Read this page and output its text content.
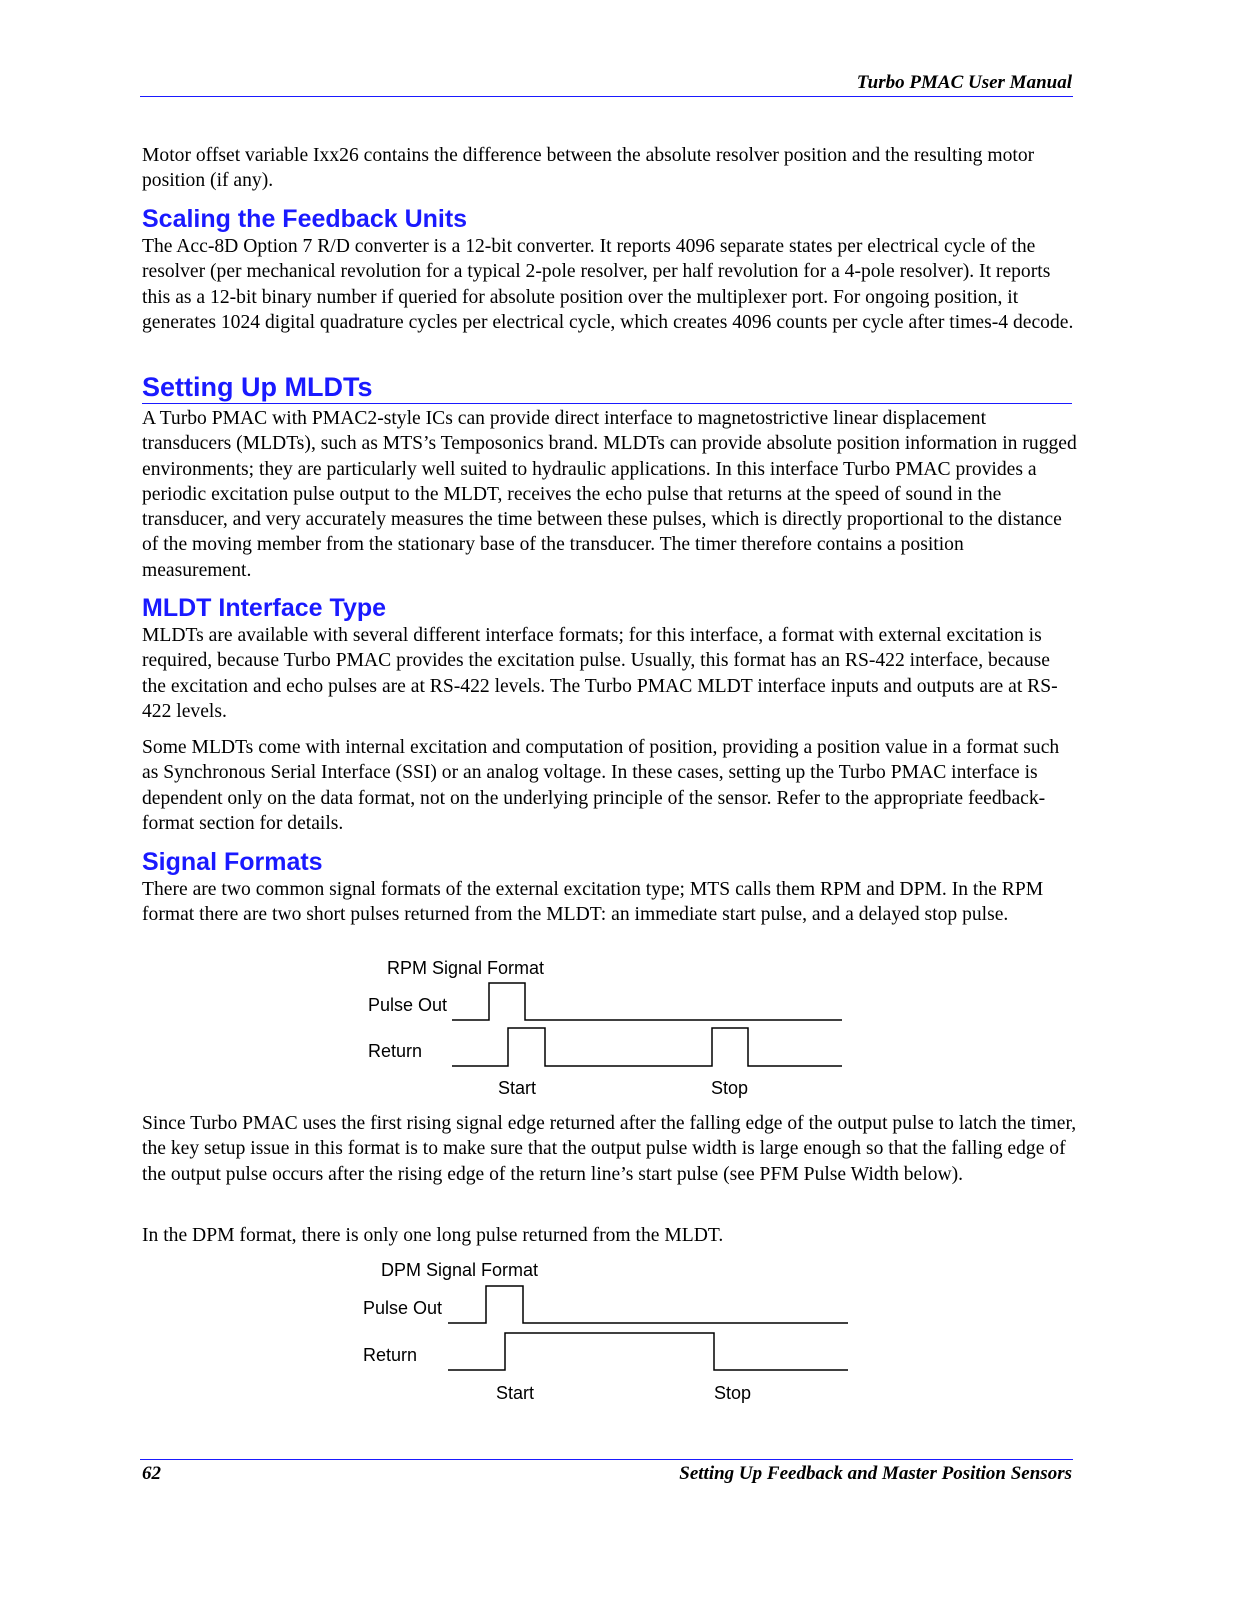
Turbo PMAC User Manual

Motor offset variable Ixx26 contains the difference between the absolute resolver position and the resulting motor position (if any).

Scaling the Feedback Units

The Acc-8D Option 7 R/D converter is a 12-bit converter. It reports 4096 separate states per electrical cycle of the resolver (per mechanical revolution for a typical 2-pole resolver, per half revolution for a 4-pole resolver). It reports this as a 12-bit binary number if queried for absolute position over the multiplexer port. For ongoing position, it generates 1024 digital quadrature cycles per electrical cycle, which creates 4096 counts per cycle after times-4 decode.

Setting Up MLDTs

A Turbo PMAC with PMAC2-style ICs can provide direct interface to magnetostrictive linear displacement transducers (MLDTs), such as MTS’s Temposonics brand. MLDTs can provide absolute position information in rugged environments; they are particularly well suited to hydraulic applications. In this interface Turbo PMAC provides a periodic excitation pulse output to the MLDT, receives the echo pulse that returns at the speed of sound in the transducer, and very accurately measures the time between these pulses, which is directly proportional to the distance of the moving member from the stationary base of the transducer. The timer therefore contains a position measurement.

MLDT Interface Type

MLDTs are available with several different interface formats; for this interface, a format with external excitation is required, because Turbo PMAC provides the excitation pulse. Usually, this format has an RS-422 interface, because the excitation and echo pulses are at RS-422 levels. The Turbo PMAC MLDT interface inputs and outputs are at RS-422 levels.

Some MLDTs come with internal excitation and computation of position, providing a position value in a format such as Synchronous Serial Interface (SSI) or an analog voltage. In these cases, setting up the Turbo PMAC interface is dependent only on the data format, not on the underlying principle of the sensor. Refer to the appropriate feedback-format section for details.

Signal Formats

There are two common signal formats of the external excitation type; MTS calls them RPM and DPM. In the RPM format there are two short pulses returned from the MLDT: an immediate start pulse, and a delayed stop pulse.

RPM Signal Format
Pulse Out
Return
Start	Stop

Since Turbo PMAC uses the first rising signal edge returned after the falling edge of the output pulse to latch the timer, the key setup issue in this format is to make sure that the output pulse width is large enough so that the falling edge of the output pulse occurs after the rising edge of the return line’s start pulse (see PFM Pulse Width below).

In the DPM format, there is only one long pulse returned from the MLDT.

DPM Signal Format
Pulse Out
Return
Start	Stop
62	Setting Up Feedback and Master Position Sensors
